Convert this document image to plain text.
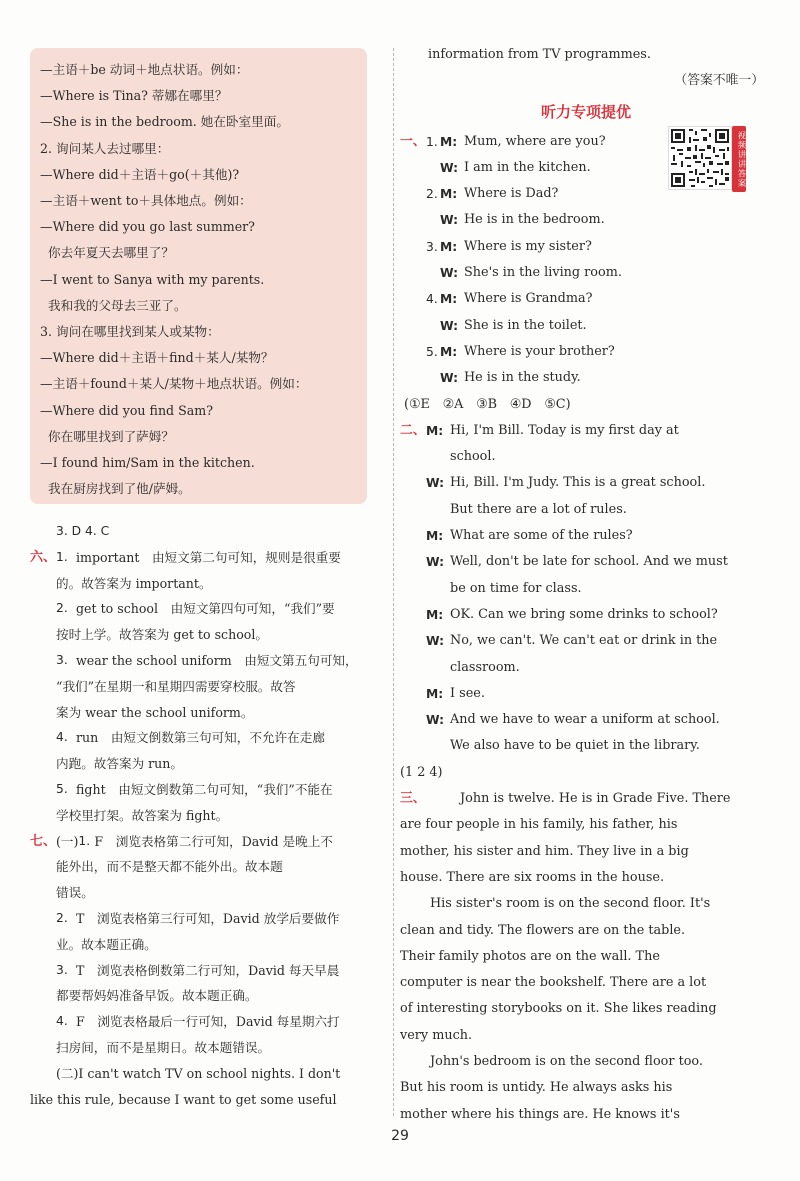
—主语＋be 动词＋地点状语。例如：
—Where is Tina? 蒂娜在哪里？
—She is in the bedroom. 她在卧室里面。
2. 询问某人去过哪里：
—Where did＋主语＋go(＋其他)?
—主语＋went to＋具体地点。例如：
—Where did you go last summer?
你去年夏天去哪里了？
—I went to Sanya with my parents.
我和我的父母去三亚了。
3. 询问在哪里找到某人或某物：
—Where did＋主语＋find＋某人/某物？
—主语＋found＋某人/某物＋地点状语。例如：
—Where did you find Sam?
你在哪里找到了萨姆？
—I found him/Sam in the kitchen.
我在厨房找到了他/萨姆。
3. D 4. C
六、 1. important　由短文第二句可知，规则是很重要
的。故答案为 important。
2. get to school　由短文第四句可知，“我们”要
按时上学。故答案为 get to school。
3. wear the school uniform　由短文第五句可知，
“我们”在星期一和星期四需要穿校服。故答
案为 wear the school uniform。
4. run　由短文倒数第三句可知，不允许在走廊
内跑。故答案为 run。
5. fight　由短文倒数第二句可知，“我们”不能在
学校里打架。故答案为 fight。
七、 (一) 1. F　浏览表格第二行可知，David 是晚上不
能外出，而不是整天都不能外出。故本题
错误。
2. T　浏览表格第三行可知，David 放学后要做作
业。故本题正确。
3. T　浏览表格倒数第二行可知，David 每天早晨
都要帮妈妈准备早饭。故本题正确。
4. F　浏览表格最后一行可知，David 每星期六打
扫房间，而不是星期日。故本题错误。
(二)I can't watch TV on school nights. I don't
like this rule, because I want to get some useful
information from TV programmes.
（答案不唯一）
听力专项提优
一、 1. M: Mum, where are you?
W: I am in the kitchen.
2. M: Where is Dad?
W: He is in the bedroom.
3. M: Where is my sister?
W: She's in the living room.
4. M: Where is Grandma?
W: She is in the toilet.
5. M: Where is your brother?
W: He is in the study.
(①E　②A　③B　④D　⑤C)
二、 M: Hi, I'm Bill. Today is my first day at
school.
W: Hi, Bill. I'm Judy. This is a great school.
But there are a lot of rules.
M: What are some of the rules?
W: Well, don't be late for school. And we must
be on time for class.
M: OK. Can we bring some drinks to school?
W: No, we can't. We can't eat or drink in the
classroom.
M: I see.
W: And we have to wear a uniform at school.
We also have to be quiet in the library.
(1 2 4)
三、	John is twelve. He is in Grade Five. There
are four people in his family, his father, his
mother, his sister and him. They live in a big
house. There are six rooms in the house.
His sister's room is on the second floor. It's
clean and tidy. The flowers are on the table.
Their family photos are on the wall. The
computer is near the bookshelf. There are a lot
of interesting storybooks on it. She likes reading
very much.
John's bedroom is on the second floor too.
But his room is untidy. He always asks his
mother where his things are. He knows it's
视频讲讲答案
29
